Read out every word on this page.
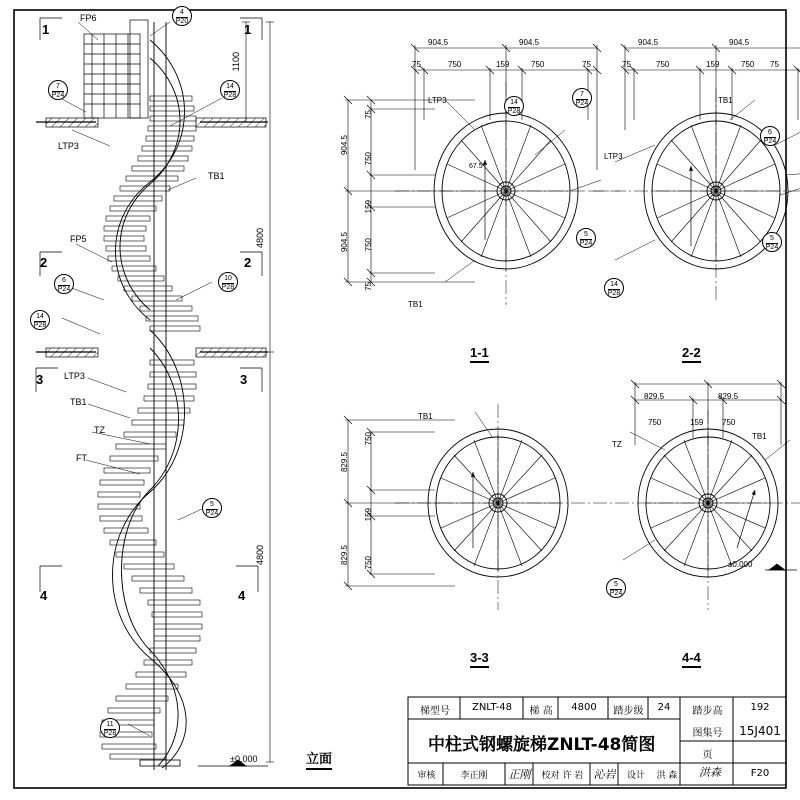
FP6
FP5
LTP3
LTP3
TB1
TB1
TZ
FT
1	1
2	2
3	3
4	4
1100
4800
4800
±0.000	立面
4
P20
7
P24
14
P28
6
P24
10
P28
14
P28
5
P24
11
P28
904.5	904.5
75	750	159	750	75
904.5
904.5
75
750
159
750
75
LTP3
TB1
67.5°
1-1
14
P28
7
P24
5
P24
904.5	904.5
75	750	159	750 75
TB1
LTP3
2-2
6
P24
5
P24
14
P28
829.5
829.5
750
159
750
TB1
3-3
829.5	829.5
750	159 750
TZ
TB1
±0.000
4-4
5
P24
梯型号	ZNLT-48	梯 高	4800	踏步级	24	踏步高	192
中柱式钢螺旋梯ZNLT-48简图
图集号	15J401
页
F20
审核	李正刚	正刚	校对 许 岩 沁岩	设计	洪 森	洪森
